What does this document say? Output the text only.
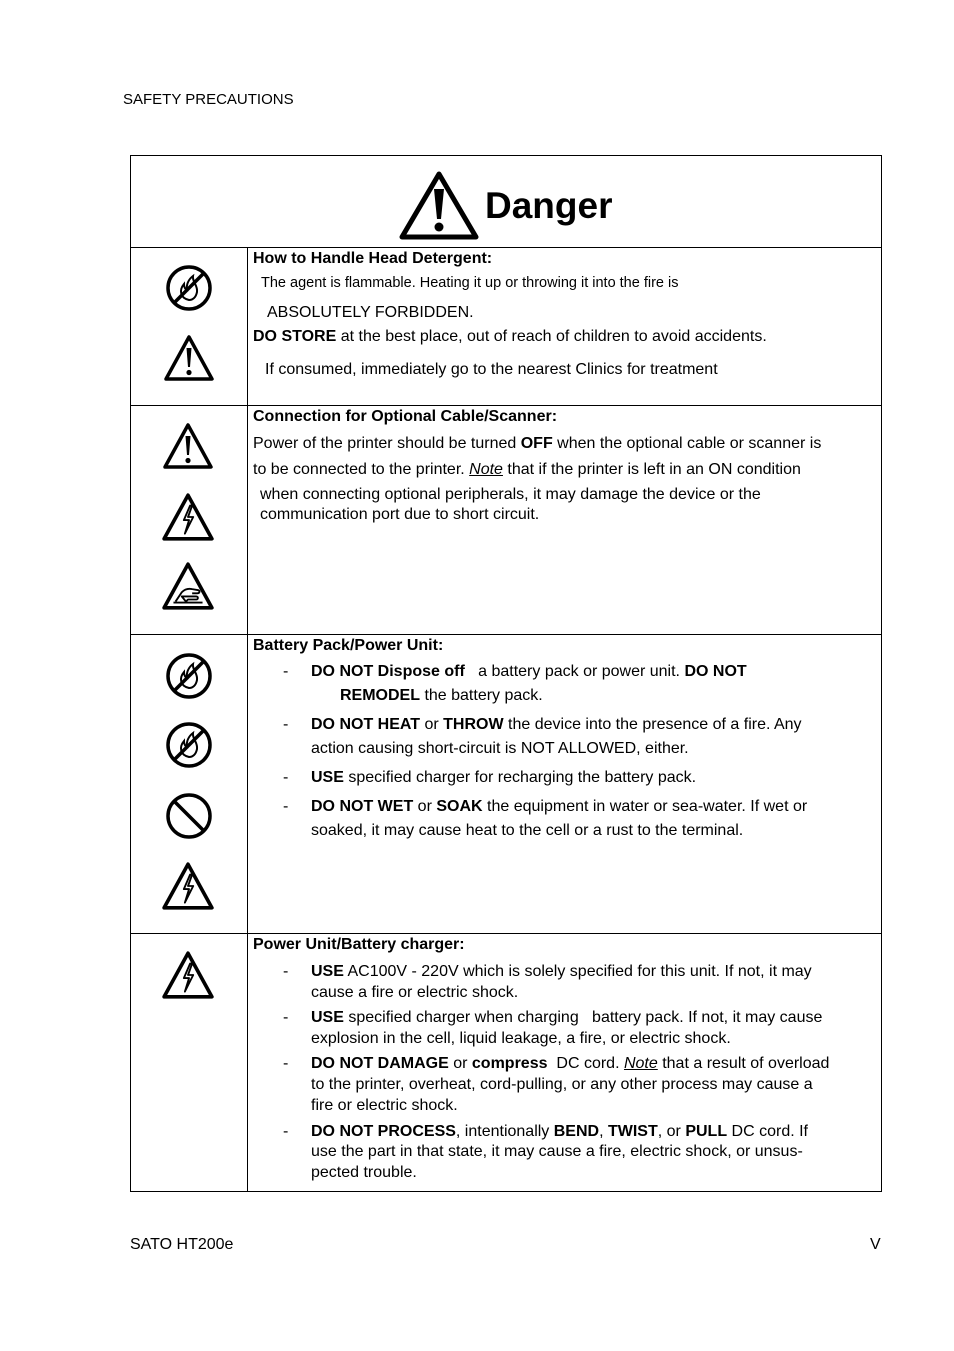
SAFETY PRECAUTIONS
Danger
How to Handle Head Detergent:
The agent is flammable. Heating it up or throwing it into the fire is
ABSOLUTELY FORBIDDEN.
DO STORE at the best place, out of reach of children to avoid accidents.
If consumed, immediately go to the nearest Clinics for treatment
Connection for Optional Cable/Scanner:
Power of the printer should be turned OFF when the optional cable or scanner is
to be connected to the printer. Note that if the printer is left in an ON condition
when connecting optional peripherals, it may damage the device or the
communication port due to short circuit.
Battery Pack/Power Unit:
- DO NOT Dispose off   a battery pack or power unit. DO NOT
REMODEL the battery pack.
- DO NOT HEAT or THROW the device into the presence of a fire. Any
action causing short-circuit is NOT ALLOWED, either.
- USE specified charger for recharging the battery pack.
- DO NOT WET or SOAK the equipment in water or sea-water. If wet or
soaked, it may cause heat to the cell or a rust to the terminal.
Power Unit/Battery charger:
- USE AC100V - 220V which is solely specified for this unit. If not, it may
cause a fire or electric shock.
- USE specified charger when charging   battery pack. If not, it may cause
explosion in the cell, liquid leakage, a fire, or electric shock.
- DO NOT DAMAGE or compress  DC cord. Note that a result of overload
to the printer, overheat, cord-pulling, or any other process may cause a
fire or electric shock.
- DO NOT PROCESS, intentionally BEND, TWIST, or PULL DC cord. If
use the part in that state, it may cause a fire, electric shock, or unsus-
pected trouble.
SATO HT200e	V
